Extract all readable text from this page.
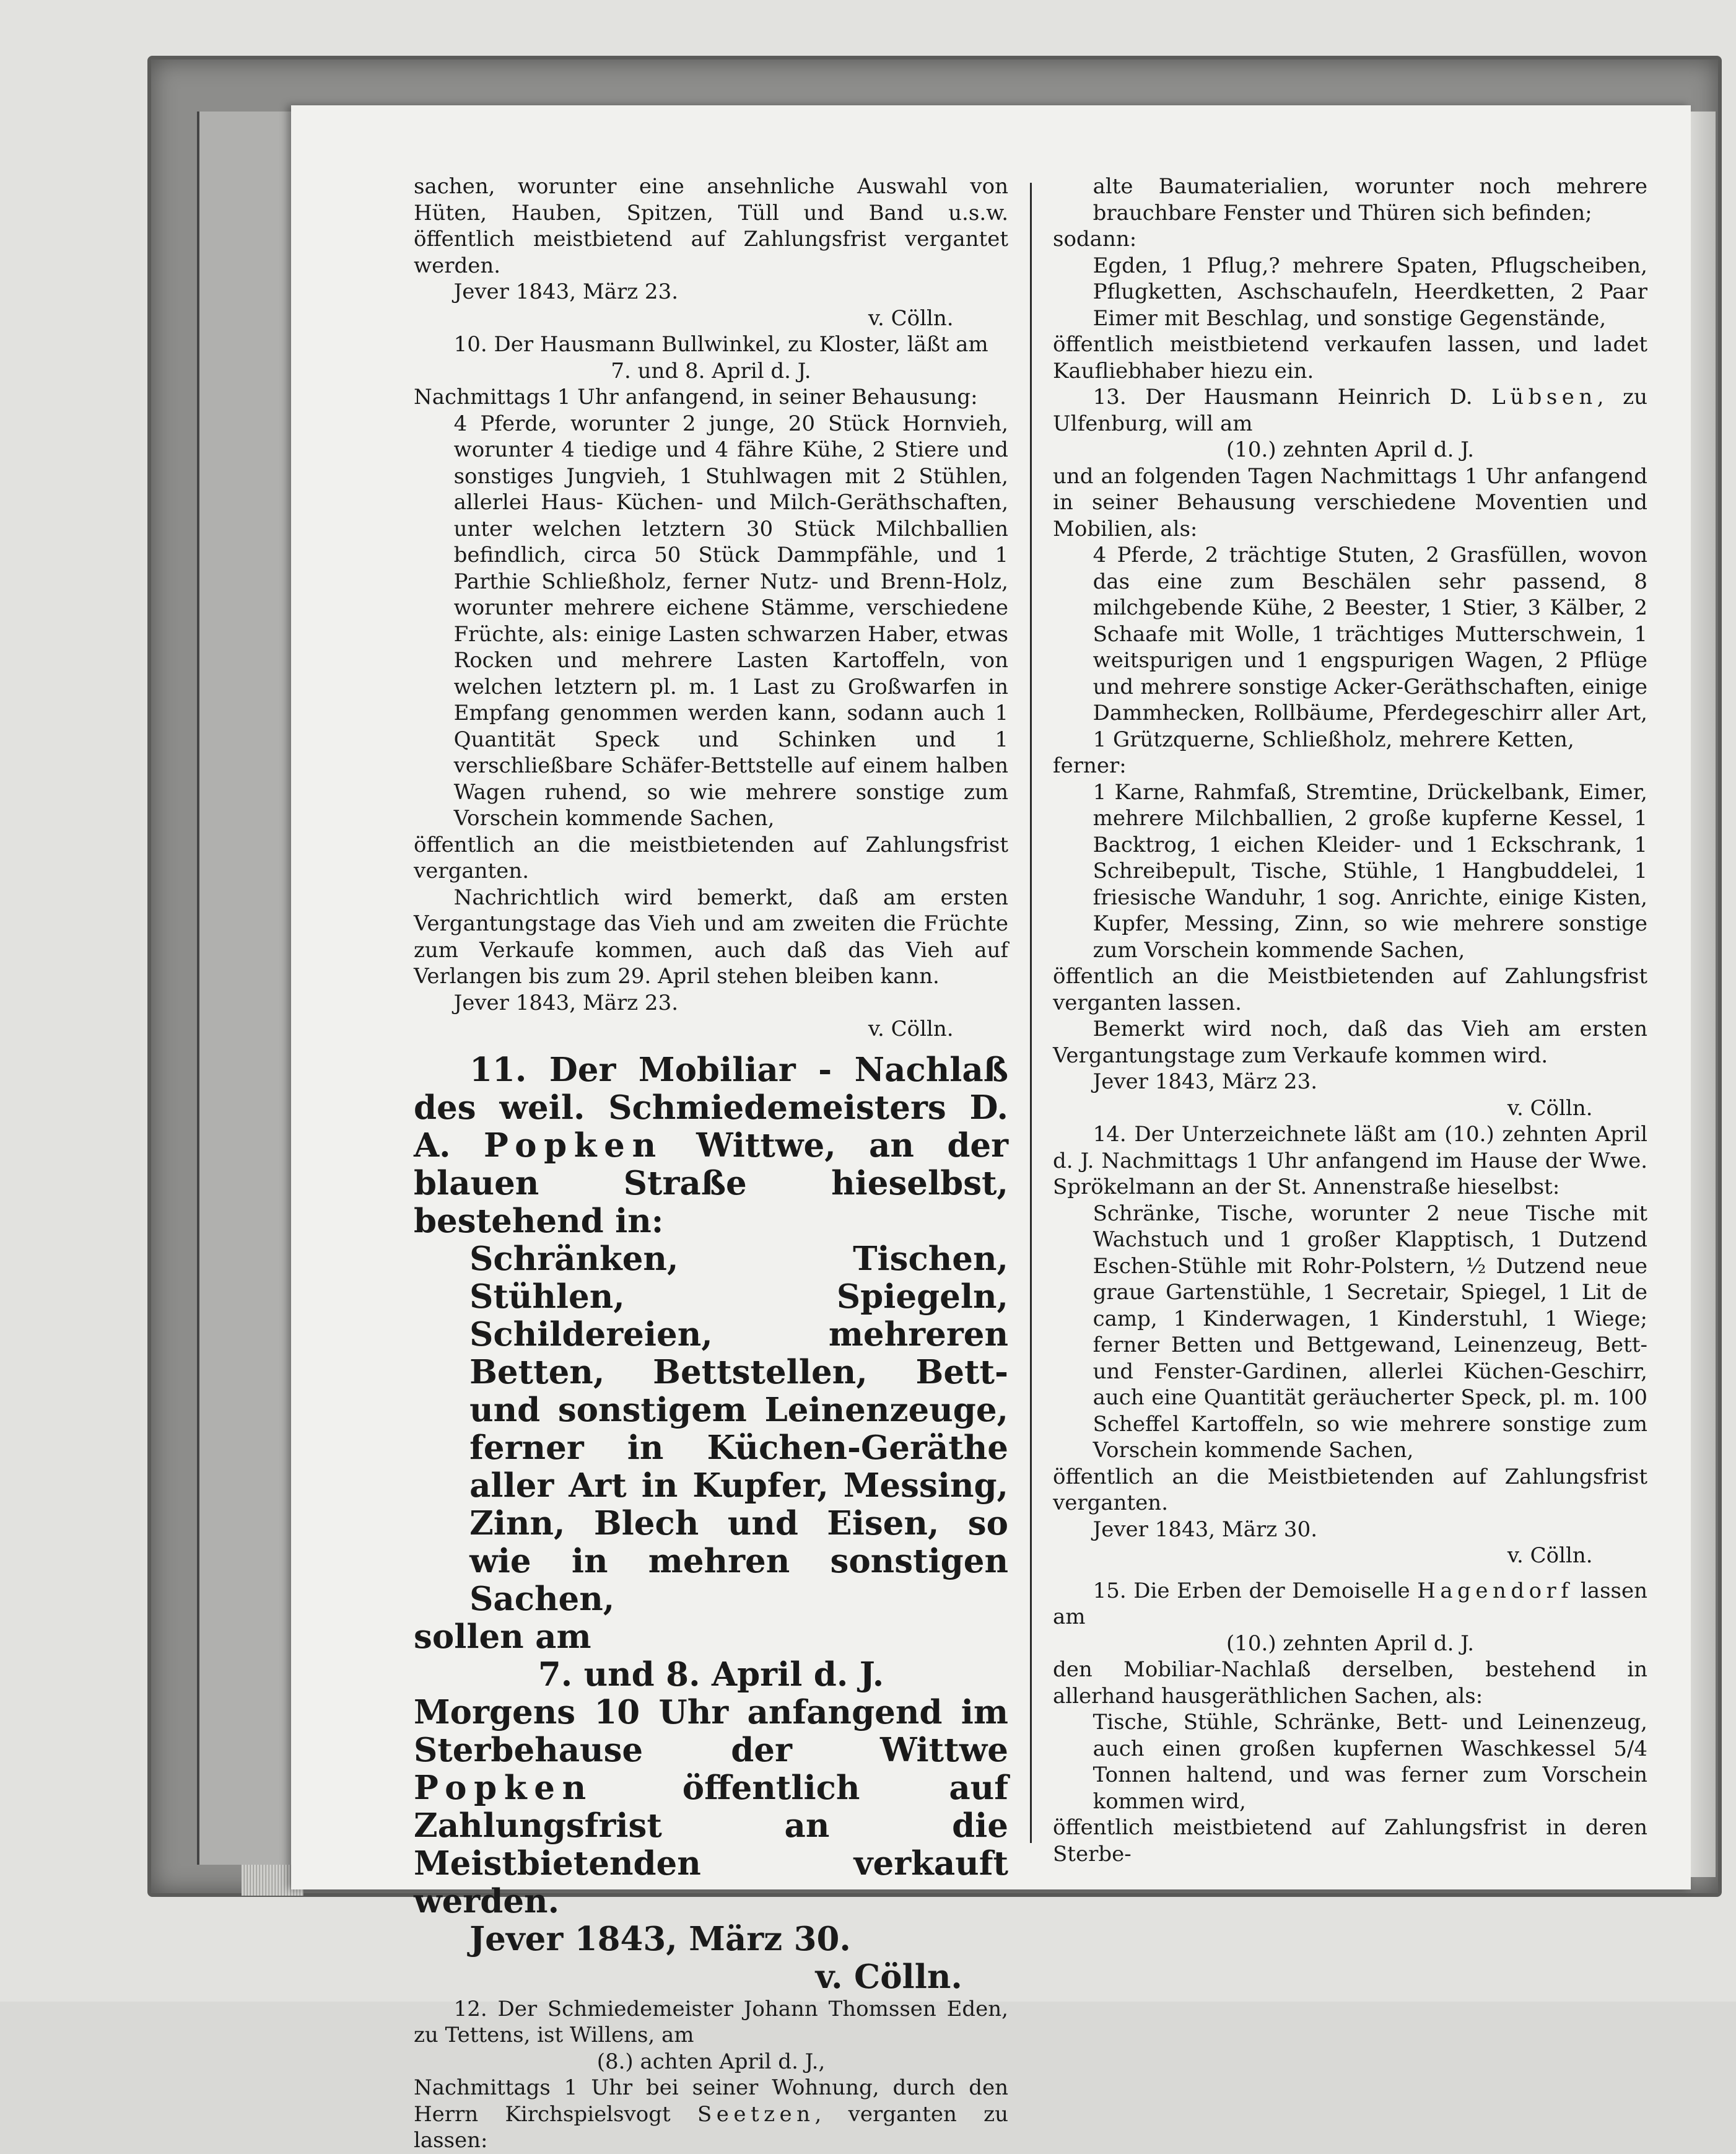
sachen, worunter eine ansehnliche Auswahl von Hüten, Hauben, Spitzen, Tüll und Band u.s.w. öffentlich meistbietend auf Zahlungsfrist vergantet werden.

Jever 1843, März 23.

v. Cölln.

10. Der Hausmann Bullwinkel, zu Kloster, läßt am

7. und 8. April d. J.

Nachmittags 1 Uhr anfangend, in seiner Behausung:

4 Pferde, worunter 2 junge, 20 Stück Hornvieh, worunter 4 tiedige und 4 fähre Kühe, 2 Stiere und sonstiges Jungvieh, 1 Stuhlwagen mit 2 Stühlen, allerlei Haus- Küchen- und Milch-Geräthschaften, unter welchen letztern 30 Stück Milchballien befindlich, circa 50 Stück Dammpfähle, und 1 Parthie Schließholz, ferner Nutz- und Brenn-Holz, worunter mehrere eichene Stämme, verschiedene Früchte, als: einige Lasten schwarzen Haber, etwas Rocken und mehrere Lasten Kartoffeln, von welchen letztern pl. m. 1 Last zu Großwarfen in Empfang genommen werden kann, sodann auch 1 Quantität Speck und Schinken und 1 verschließbare Schäfer-Bettstelle auf einem halben Wagen ruhend, so wie mehrere sonstige zum Vorschein kommende Sachen,

öffentlich an die meistbietenden auf Zahlungsfrist verganten.

Nachrichtlich wird bemerkt, daß am ersten Vergantungstage das Vieh und am zweiten die Früchte zum Verkaufe kommen, auch daß das Vieh auf Verlangen bis zum 29. April stehen bleiben kann.

Jever 1843, März 23.

v. Cölln.

11. Der Mobiliar - Nachlaß des weil. Schmiedemeisters D. A. Popken Wittwe, an der blauen Straße hieselbst, bestehend in:

Schränken, Tischen, Stühlen, Spiegeln, Schildereien, mehreren Betten, Bettstellen, Bett- und sonstigem Leinenzeuge, ferner in Küchen-Geräthe aller Art in Kupfer, Messing, Zinn, Blech und Eisen, so wie in mehren sonstigen Sachen,

sollen am

7. und 8. April d. J.

Morgens 10 Uhr anfangend im Sterbehause der Wittwe Popken	öffentlich auf Zahlungsfrist an die Meistbietenden verkauft werden.

Jever 1843, März 30.

v. Cölln.

12. Der Schmiedemeister Johann Thomssen Eden, zu Tettens, ist Willens, am

(8.) achten April d. J.,

Nachmittags 1 Uhr bei seiner Wohnung, durch den Herrn Kirchspielsvogt Seetzen, verganten zu lassen:

alte Baumaterialien, worunter noch mehrere brauchbare Fenster und Thüren sich befinden;

sodann:

Egden, 1 Pflug,? mehrere Spaten, Pflugscheiben, Pflugketten, Aschschaufeln, Heerdketten, 2 Paar Eimer mit Beschlag, und sonstige Gegenstände,

öffentlich meistbietend verkaufen lassen, und ladet Kaufliebhaber hiezu ein.

13. Der Hausmann Heinrich D. Lübsen, zu Ulfenburg, will am

(10.) zehnten April d. J.

und an folgenden Tagen Nachmittags 1 Uhr anfangend in seiner Behausung verschiedene Moventien und Mobilien, als:

4 Pferde, 2 trächtige Stuten, 2 Grasfüllen, wovon das eine zum Beschälen sehr passend, 8 milchgebende Kühe, 2 Beester, 1 Stier, 3 Kälber, 2 Schaafe mit Wolle, 1 trächtiges Mutterschwein, 1 weitspurigen und 1 engspurigen Wagen, 2 Pflüge und mehrere sonstige Acker-Geräthschaften, einige Dammhecken, Rollbäume, Pferdegeschirr aller Art, 1 Grützquerne, Schließholz, mehrere Ketten,

ferner:

1 Karne, Rahmfaß, Stremtine, Drückelbank, Eimer, mehrere Milchballien, 2 große kupferne Kessel, 1 Backtrog, 1 eichen Kleider- und 1 Eckschrank, 1 Schreibepult, Tische, Stühle, 1 Hangbuddelei, 1 friesische Wanduhr, 1 sog. Anrichte, einige Kisten, Kupfer, Messing, Zinn, so wie mehrere sonstige zum Vorschein kommende Sachen,

öffentlich an die Meistbietenden auf Zahlungsfrist verganten lassen.

Bemerkt wird noch, daß das Vieh am ersten Vergantungstage zum Verkaufe kommen wird.

Jever 1843, März 23.

v. Cölln.

14. Der Unterzeichnete läßt am (10.) zehnten April d. J. Nachmittags 1 Uhr anfangend im Hause der Wwe. Sprökelmann an der St. Annenstraße hieselbst:

Schränke, Tische, worunter 2 neue Tische mit Wachstuch und 1 großer Klapptisch, 1 Dutzend Eschen-Stühle mit Rohr-Polstern, ½ Dutzend neue graue Gartenstühle, 1 Secretair, Spiegel, 1 Lit de camp, 1 Kinderwagen, 1 Kinderstuhl, 1 Wiege; ferner Betten und Bettgewand, Leinenzeug, Bett- und Fenster-Gardinen, allerlei Küchen-Geschirr, auch eine Quantität geräucherter Speck, pl. m. 100 Scheffel Kartoffeln, so wie mehrere sonstige zum Vorschein kommende Sachen,

öffentlich an die Meistbietenden auf Zahlungsfrist verganten.

Jever 1843, März 30.

v. Cölln.

15. Die Erben der Demoiselle Hagendorf lassen am

(10.) zehnten April d. J.

den Mobiliar-Nachlaß derselben, bestehend in allerhand hausgeräthlichen Sachen, als:

Tische, Stühle, Schränke, Bett- und Leinenzeug, auch einen großen kupfernen Waschkessel 5/4 Tonnen haltend, und was ferner zum Vorschein kommen wird,

öffentlich meistbietend auf Zahlungsfrist in deren Sterbe-
